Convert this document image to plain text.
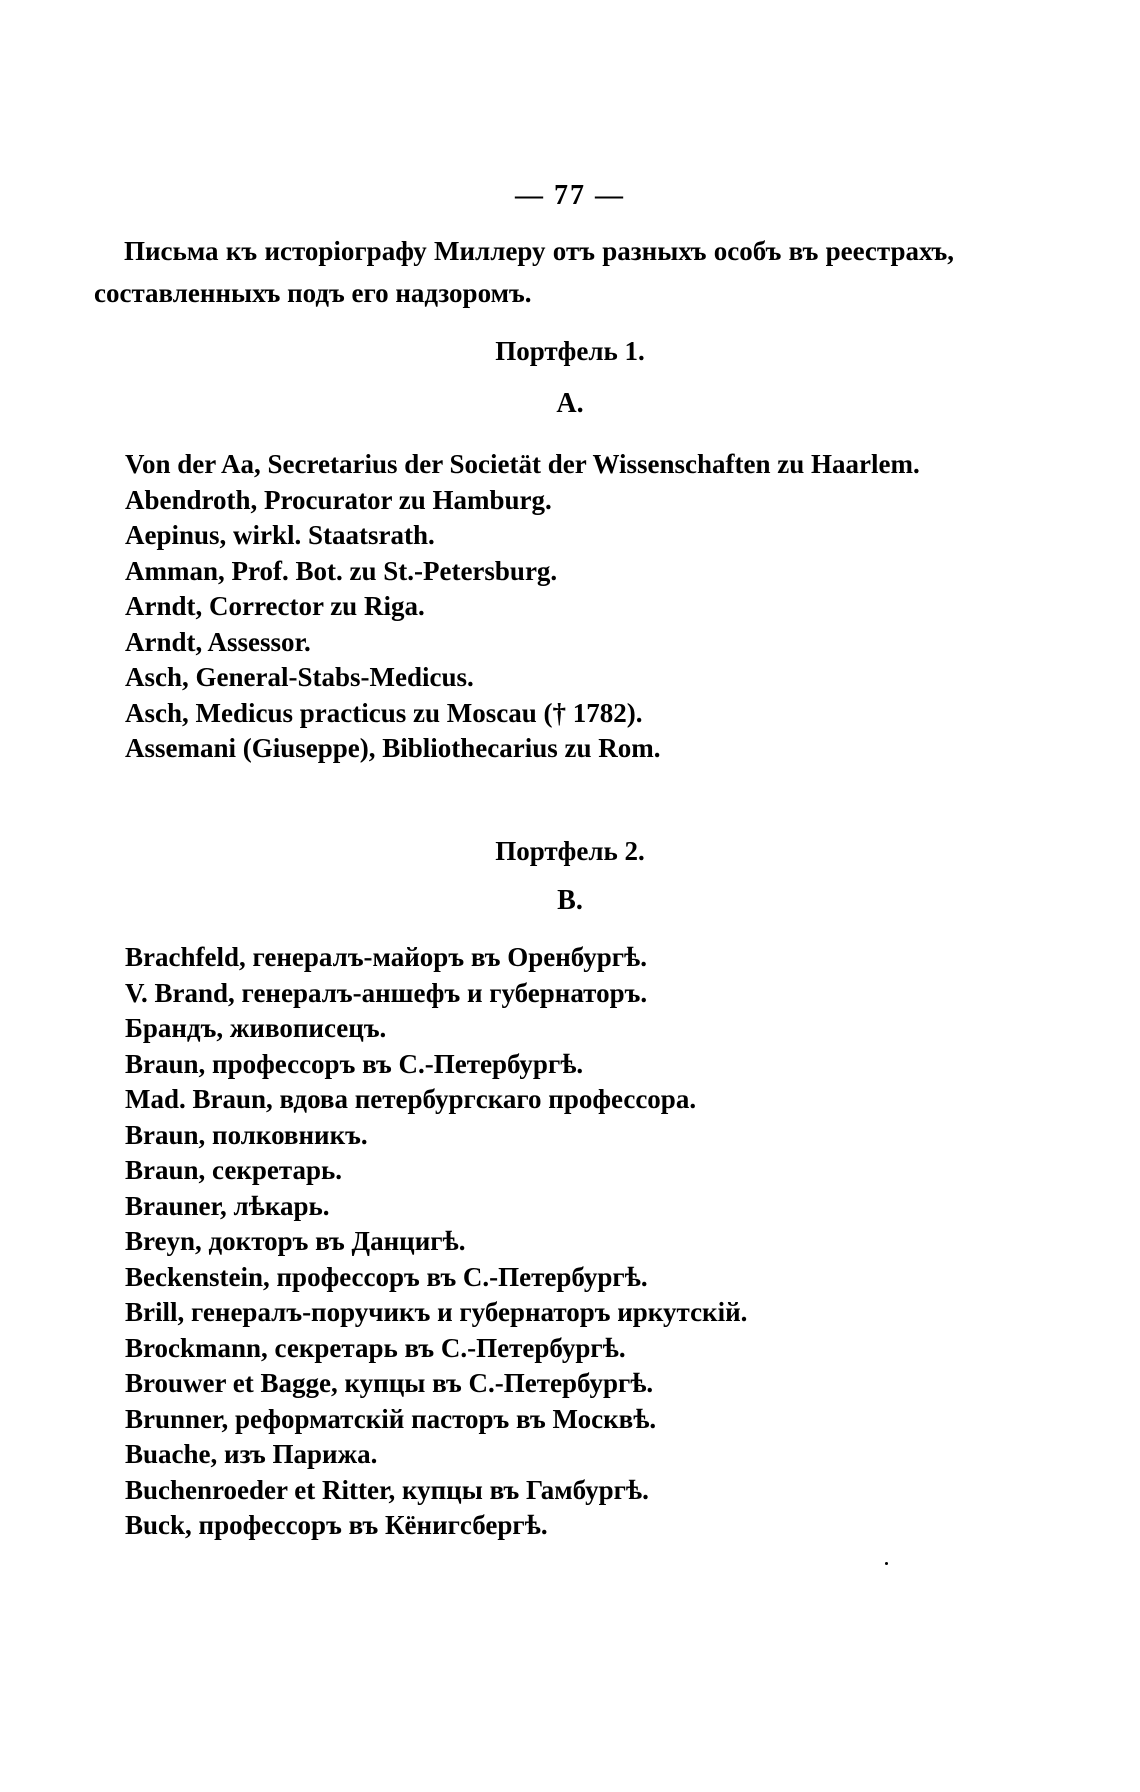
— 77 —
Письма къ исторіографу Миллеру отъ разныхъ особъ въ реестрахъ, составленныхъ подъ его надзоромъ.
Портфель 1.
A.
Von der Aa, Secretarius der Societät der Wissenschaften zu Haarlem.
Abendroth, Procurator zu Hamburg.
Aepinus, wirkl. Staatsrath.
Amman, Prof. Bot. zu St.-Petersburg.
Arndt, Corrector zu Riga.
Arndt, Assessor.
Asch, General-Stabs-Medicus.
Asch, Medicus practicus zu Moscau († 1782).
Assemani (Giuseppe), Bibliothecarius zu Rom.
Портфель 2.
B.
Brachfeld, генералъ-майоръ въ Оренбургѣ.
V. Brand, генералъ-аншефъ и губернаторъ.
Брандъ, живописецъ.
Braun, профессоръ въ С.-Петербургѣ.
Mad. Braun, вдова петербургскаго профессора.
Braun, полковникъ.
Braun, секретарь.
Brauner, лѣкарь.
Breyn, докторъ въ Данцигѣ.
Beckenstein, профессоръ въ С.-Петербургѣ.
Brill, генералъ-поручикъ и губернаторъ иркутскій.
Brockmann, секретарь въ С.-Петербургѣ.
Brouwer et Bagge, купцы въ С.-Петербургѣ.
Brunner, реформатскій пасторъ въ Москвѣ.
Buache, изъ Парижа.
Buchenroeder et Ritter, купцы въ Гамбургѣ.
Buck, профессоръ въ Кёнигсбергѣ.
